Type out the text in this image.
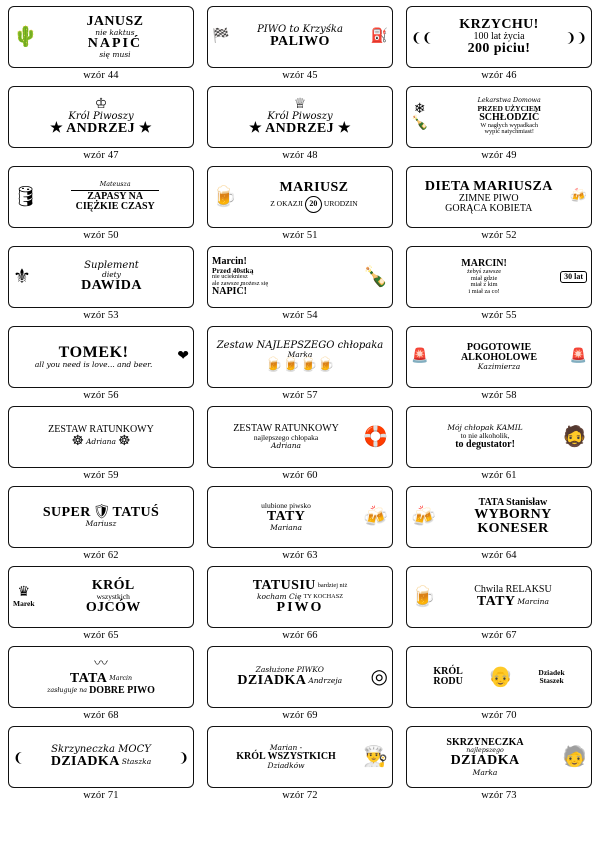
🌵
JANUSZ
nie kaktus
NAPIĆ
się musi
wzór 44
🏁	PIWO to Krzyśka
PALIWO	⛽
wzór 45
❨❨
KRZYCHU!
100 lat życia
200 piciu!
❩❩
wzór 46
♔
Król Piwoszy
★ ANDRZEJ ★
wzór 47
♕
Król Piwoszy
★ ANDRZEJ ★
wzór 48
❄
🍾
Lekarstwa Domowa
PRZED UŻYCIEM
SCHŁODZIĆ
W nagłych wypadkach
wypić natychmiast!
wzór 49
🛢
Mateusza
ZAPASY NA
CIĘŻKIE CZASY
wzór 50
🍺	MARIUSZ
Z OKAZJI 20 URODZIN
wzór 51
DIETA MARIUSZA
ZIMNE PIWO
GORĄCA KOBIETA
🍻
wzór 52
⚜
Suplement
diety
DAWIDA
wzór 53
Marcin!
Przed 40stką
nie uciekniesz
ale zawsze możesz się
NAPIĆ!
🍾
wzór 54
MARCIN!
żebyś zawsze
miał gdzie
miał z kim
i miał za co!
30 lat
wzór 55
TOMEK!
all you need is love... and beer.
❤
wzór 56
Zestaw NAJLEPSZEGO chłopaka
Marka
🍺🍺🍺🍺
wzór 57
🚨
POGOTOWIE
ALKOHOLOWE
Kazimierza
🚨
wzór 58
ZESTAW RATUNKOWY
☸ Adriana ☸
wzór 59
ZESTAW RATUNKOWY
najlepszego chłopaka
Adriana	🛟
wzór 60
Mój chłopak KAMIL
to nie alkoholik,
to degustator!	🧔
wzór 61
SUPER 🛡 TATUŚ
Mariusz
wzór 62
ulubione piwsko
TATY
Mariana	🍻
wzór 63
🍻
TATA Stanisław
WYBORNY
KONESER
wzór 64
♛
Marek
KRÓL
wszystkich
OJCÓW
wzór 65
TATUSIU bardziej niż
kocham Cię TY KOCHASZ
PIWO
wzór 66
🍺	Chwila RELAKSU
TATY Marcina
wzór 67
〰
TATA Marcin
zasługuje na DOBRE PIWO
wzór 68
Zasłużone PIWKO
DZIADKA Andrzeja ◎
wzór 69
KRÓL
RODU	👴	Dziadek
Staszek
wzór 70
❨
Skrzyneczka MOCY
DZIADKA Staszka ❩
wzór 71
Marian -
KRÓL WSZYSTKICH
Dziadków	👨‍🍳
wzór 72
SKRZYNECZKA
najlepszego
DZIADKA
Marka
🧓
wzór 73
